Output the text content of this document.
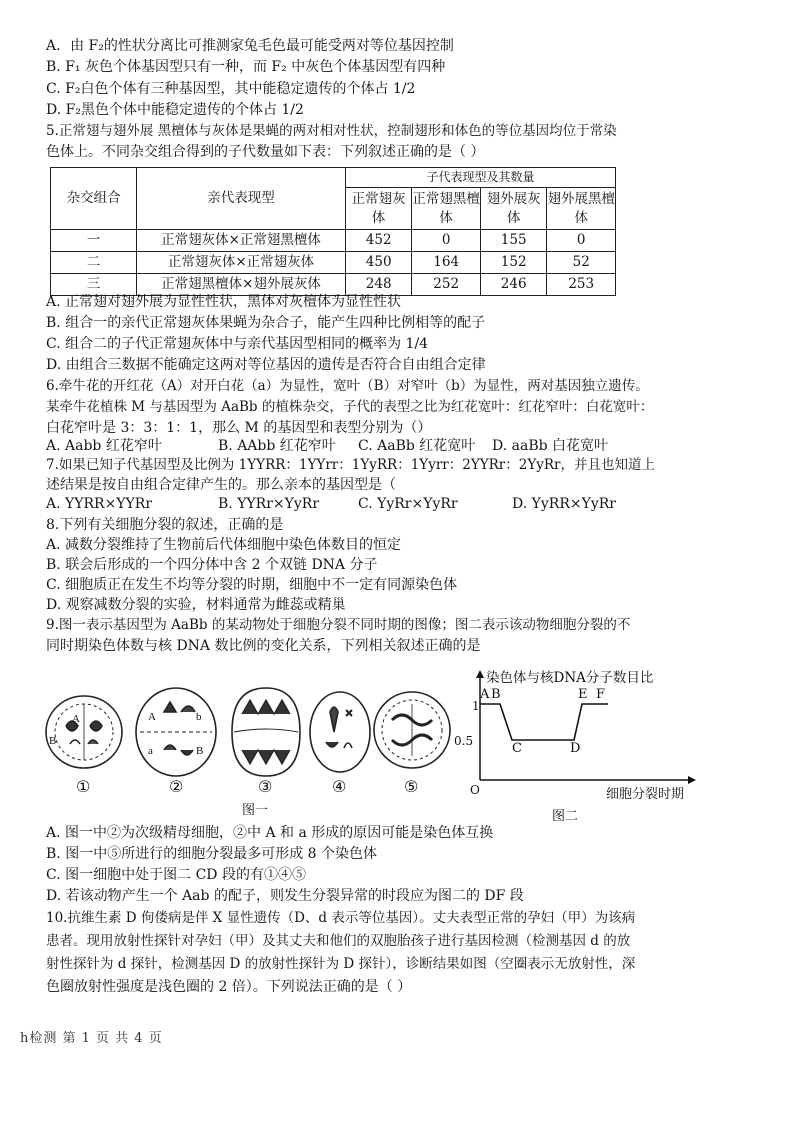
A．由 F₂的性状分离比可推测家兔毛色最可能受两对等位基因控制
B. F₁ 灰色个体基因型只有一种，而 F₂ 中灰色个体基因型有四种
C. F₂白色个体有三种基因型，其中能稳定遗传的个体占 1/2
D. F₂黑色个体中能稳定遗传的个体占 1/2
5.正常翅与翅外展 黑檀体与灰体是果蝇的两对相对性状，控制翅形和体色的等位基因均位于常染
色体上。不同杂交组合得到的子代数量如下表：下列叙述正确的是（ ）
杂交组合	亲代表现型	子代表现型及其数量			
		正常翅灰体	正常翅黑檀体	翅外展灰体	翅外展黑檀体
一	正常翅灰体×正常翅黑檀体	452	0	155	0
二	正常翅灰体×正常翅灰体	450	164	152	52
三	正常翅黑檀体×翅外展灰体	248	252	246	253
A. 正常翅对翅外展为显性性状，黑体对灰檀体为显性性状
B. 组合一的亲代正常翅灰体果蝇为杂合子，能产生四种比例相等的配子
C. 组合二的子代正常翅灰体中与亲代基因型相同的概率为 1/4
D. 由组合三数据不能确定这两对等位基因的遗传是否符合自由组合定律
6.牵牛花的开红花（A）对开白花（a）为显性，宽叶（B）对窄叶（b）为显性，两对基因独立遗传。
某牵牛花植株 M 与基因型为 AaBb 的植株杂交，子代的表型之比为红花宽叶：红花窄叶：白花宽叶：
白花窄叶是 3：3：1：1，那么 M 的基因型和表型分别为（）
A. Aabb 红花窄叶	B. AAbb 红花窄叶 C. AaBb 红花宽叶 D. aaBb 白花宽叶
7.如果已知子代基因型及比例为 1YYRR：1YYrr：1YyRR：1Yyrr：2YYRr：2YyRr，并且也知道上
述结果是按自由组合定律产生的。那么亲本的基因型是（
A. YYRR×YYRr	B. YYRr×YyRr	C. YyRr×YyRr	D. YyRR×YyRr
8.下列有关细胞分裂的叙述，正确的是
A. 减数分裂维持了生物前后代体细胞中染色体数目的恒定
B. 联会后形成的一个四分体中含 2 个双链 DNA 分子
C. 细胞质正在发生不均等分裂的时期，细胞中不一定有同源染色体
D. 观察减数分裂的实验，材料通常为雌蕊或精巢
9.图一表示基因型为 AaBb 的某动物处于细胞分裂不同时期的图像；图二表示该动物细胞分裂的不
同时期染色体数与核 DNA 数比例的变化关系，下列相关叙述正确的是
A
B
A	b
a	B
①	②	③	④	⑤
图一
染色体与核DNA分子数目比
1
0.5
O
A B
C	D
E F
细胞分裂时期
图二
A. 图一中②为次级精母细胞，②中 A 和 a 形成的原因可能是染色体互换
B. 图一中⑤所进行的细胞分裂最多可形成 8 个染色体
C. 图一细胞中处于图二 CD 段的有①④⑤
D. 若该动物产生一个 Aab 的配子，则发生分裂异常的时段应为图二的 DF 段
10.抗维生素 D 佝偻病是伴 X 显性遗传（D、d 表示等位基因）。丈夫表型正常的孕妇（甲）为该病
患者。现用放射性探针对孕妇（甲）及其丈夫和他们的双胞胎孩子进行基因检测（检测基因 d 的放
射性探针为 d 探针，检测基因 D 的放射性探针为 D 探针），诊断结果如图（空圈表示无放射性，深
色圈放射性强度是浅色圈的 2 倍）。下列说法正确的是（ ）
h检测 第 1 页 共 4 页
